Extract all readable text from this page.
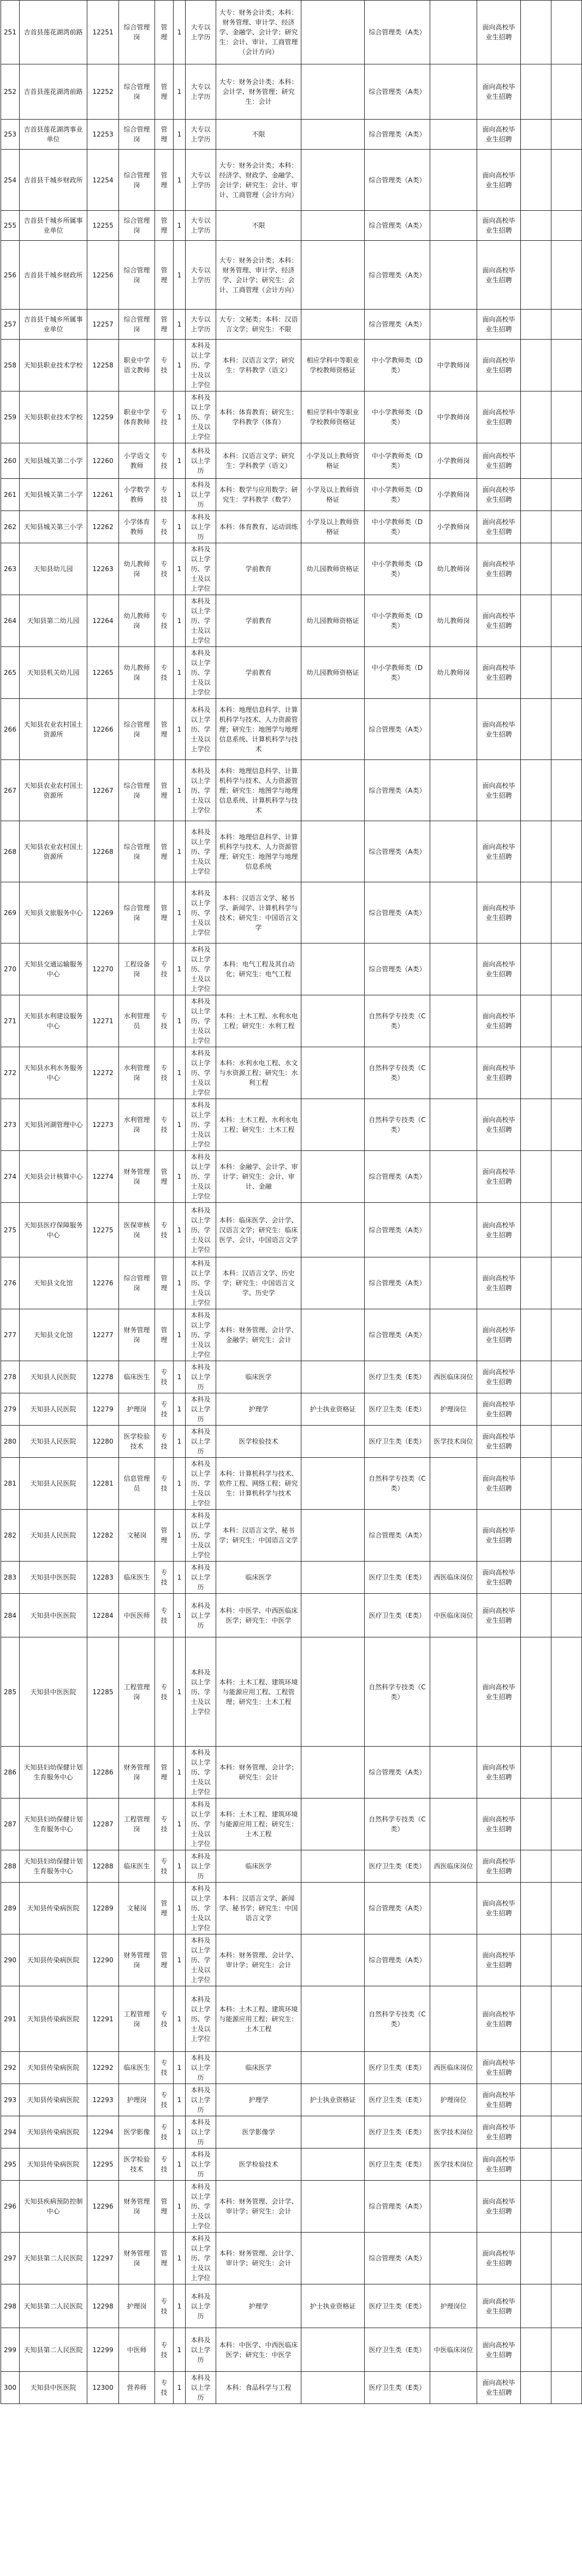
251	吉首县莲花湖湾前路	12251	综合管理岗	管理	1	大专以上学历	大专：财务会计类；本科：财务管理、审计学、经济学、金融学、会计学；研究生：会计、审计、工商管理（会计方向）		综合管理类（A类）		面向高校毕业生招聘		
252	吉首县莲花湖湾前路	12252	综合管理岗	管理	1	大专以上学历	大专：财务会计类；本科：会计学、财务管理；研究生：会计		综合管理类（A类）		面向高校毕业生招聘		
253	吉首县莲花湖湾事业单位	12253	综合管理岗	管理	1	大专以上学历	不限		综合管理类（A类）		面向高校毕业生招聘		
254	吉首县千城乡财政所	12254	综合管理岗	管理	1	大专以上学历	大专：财务会计类；本科：经济学、财政学、金融学、会计学；研究生：会计、审计、工商管理（会计方向）		综合管理类（A类）		面向高校毕业生招聘		
255	吉首县千城乡所属事业单位	12255	综合管理岗	管理	1	大专以上学历	不限		综合管理类（A类）		面向高校毕业生招聘		
256	吉首县千城乡财政所	12256	综合管理岗	管理	1	大专以上学历	大专：财务会计类；本科：财务管理、审计学、经济学、会计学；研究生：会计、工商管理（会计方向）		综合管理类（A类）		面向高校毕业生招聘		
257	吉首县千城乡所属事业单位	12257	综合管理岗	管理	1	大专以上学历	大专：文秘类；本科：汉语言文学；研究生：不限		综合管理类（A类）		面向高校毕业生招聘		
258	天知县职业技术学校	12258	职业中学语文教师	专技	1	本科及以上学历、学士及以上学位	本科：汉语言文学；研究生：学科教学（语文）	相应学科中等职业学校教师资格证	中小学教师类（D类）	中学教师岗	面向高校毕业生招聘		
259	天知县职业技术学校	12259	职业中学体育教师	专技	1	本科及以上学历、学士及以上学位	本科：体育教育；研究生：学科教学（体育）	相应学科中等职业学校教师资格证	中小学教师类（D类）	中学教师岗	面向高校毕业生招聘		
260	天知县城关第二小学	12260	小学语文教师	专技	1	本科及以上学历	本科：汉语言文学；研究生：学科教学（语文）	小学及以上教师资格证	中小学教师类（D类）	小学教师岗	面向高校毕业生招聘		
261	天知县城关第二小学	12261	小学数学教师	专技	1	本科及以上学历	本科：数学与应用数学；研究生：学科教学（数学）	小学及以上教师资格证	中小学教师类（D类）	小学教师岗	面向高校毕业生招聘		
262	天知县城关第三小学	12262	小学体育教师	专技	1	本科及以上学历	本科：体育教育、运动训练	小学及以上教师资格证	中小学教师类（D类）	小学教师岗	面向高校毕业生招聘		
263	天知县幼儿园	12263	幼儿教师岗	专技	1	本科及以上学历、学士及以上学位	学前教育	幼儿园教师资格证	中小学教师类（D类）	幼儿教师岗	面向高校毕业生招聘		
264	天知县第二幼儿园	12264	幼儿教师岗	专技	1	本科及以上学历、学士及以上学位	学前教育	幼儿园教师资格证	中小学教师类（D类）	幼儿教师岗	面向高校毕业生招聘		
265	天知县机关幼儿园	12265	幼儿教师岗	专技	1	本科及以上学历、学士及以上学位	学前教育	幼儿园教师资格证	中小学教师类（D类）	幼儿教师岗	面向高校毕业生招聘		
266	天知县农业农村国土资源所	12266	综合管理岗	管理	1	本科及以上学历、学士及以上学位	本科：地理信息科学、计算机科学与技术、人力资源管理；研究生：地图学与地理信息系统、计算机科学与技术		综合管理类（A类）		面向高校毕业生招聘		
267	天知县农业农村国土资源所	12267	综合管理岗	管理	1	本科及以上学历、学士及以上学位	本科：地理信息科学、计算机科学与技术、人力资源管理；研究生：地图学与地理信息系统、计算机科学与技术		综合管理类（A类）		面向高校毕业生招聘		
268	天知县农业农村国土资源所	12268	综合管理岗	管理	1	本科及以上学历、学士及以上学位	本科：地理信息科学、计算机科学与技术、人力资源管理；研究生：地图学与地理信息系统		综合管理类（A类）		面向高校毕业生招聘		
269	天知县文旅服务中心	12269	综合管理岗	管理	1	本科及以上学历、学士及以上学位	本科：汉语言文学、秘书学、新闻学、计算机科学与技术；研究生：中国语言文学		综合管理类（A类）		面向高校毕业生招聘		
270	天知县交通运输服务中心	12270	工程设备岗	专技	1	本科及以上学历、学士及以上学位	本科：电气工程及其自动化；研究生：电气工程		综合管理类（A类）		面向高校毕业生招聘		
271	天知县水利建设服务中心	12271	水利管理员	专技	1	本科及以上学历、学士及以上学位	本科：土木工程、水利水电工程；研究生：水利工程		自然科学专技类（C类）		面向高校毕业生招聘		
272	天知县水利水务服务中心	12272	水利管理岗	专技	1	本科及以上学历、学士及以上学位	本科：水利水电工程、水文与水资源工程；研究生：水利工程		自然科学专技类（C类）		面向高校毕业生招聘		
273	天知县河湖管理中心	12273	水利管理岗	专技	1	本科及以上学历、学士及以上学位	本科：土木工程、水利水电工程；研究生：土木工程		自然科学专技类（C类）		面向高校毕业生招聘		
274	天知县会计核算中心	12274	财务管理岗	管理	1	本科及以上学历、学士及以上学位	本科：金融学、会计学、审计学；研究生：会计、审计、金融		综合管理类（A类）		面向高校毕业生招聘		
275	天知县医疗保障服务中心	12275	医保审核岗	专技	1	本科及以上学历、学士及以上学位	本科：临床医学、会计学、汉语言文学；研究生：临床医学、会计、中国语言文学		综合管理类（A类）		面向高校毕业生招聘		
276	天知县文化馆	12276	综合管理岗	管理	1	本科及以上学历、学士及以上学位	本科：汉语言文学、历史学；研究生：中国语言文学、历史学		综合管理类（A类）		面向高校毕业生招聘		
277	天知县文化馆	12277	财务管理岗	管理	1	本科及以上学历、学士及以上学位	本科：财务管理、会计学、金融学；研究生：会计		综合管理类（A类）		面向高校毕业生招聘		
278	天知县人民医院	12278	临床医生	专技	1	本科及以上学历	临床医学		医疗卫生类（E类）	西医临床岗位	面向高校毕业生招聘		
279	天知县人民医院	12279	护理岗	专技	1	本科及以上学历	护理学	护士执业资格证	医疗卫生类（E类）	护理岗位	面向高校毕业生招聘		
280	天知县人民医院	12280	医学检验技术	专技	1	本科及以上学历	医学检验技术		医疗卫生类（E类）	医学技术岗位	面向高校毕业生招聘		
281	天知县人民医院	12281	信息管理员	专技	1	本科及以上学历、学士及以上学位	本科：计算机科学与技术、软件工程、网络工程；研究生：计算机科学与技术		自然科学专技类（C类）		面向高校毕业生招聘		
282	天知县人民医院	12282	文秘岗	管理	1	本科及以上学历、学士及以上学位	本科：汉语言文学、秘书学；研究生：中国语言文学		综合管理类（A类）		面向高校毕业生招聘		
283	天知县中医医院	12283	临床医生	专技	1	本科及以上学历	临床医学		医疗卫生类（E类）	西医临床岗位	面向高校毕业生招聘		
284	天知县中医医院	12284	中医医师	专技	1	本科及以上学历	本科：中医学、中西医临床医学；研究生：中医学		医疗卫生类（E类）	中医临床岗位	面向高校毕业生招聘		
285	天知县中医医院	12285	工程管理岗	专技	1	本科及以上学历、学士及以上学位	本科：土木工程、建筑环境与能源应用工程、工程管理；研究生：土木工程		自然科学专技类（C类）		面向高校毕业生招聘		
286	天知县妇幼保健计划生育服务中心	12286	财务管理岗	管理	1	本科及以上学历、学士及以上学位	本科：财务管理、会计学；研究生：会计		综合管理类（A类）		面向高校毕业生招聘		
287	天知县妇幼保健计划生育服务中心	12287	工程管理岗	专技	1	本科及以上学历、学士及以上学位	本科：土木工程、建筑环境与能源应用工程；研究生：土木工程		自然科学专技类（C类）		面向高校毕业生招聘		
288	天知县妇幼保健计划生育服务中心	12288	临床医生	专技	1	本科及以上学历	临床医学		医疗卫生类（E类）	西医临床岗位	面向高校毕业生招聘		
289	天知县传染病医院	12289	文秘岗	管理	1	本科及以上学历、学士及以上学位	本科：汉语言文学、新闻学、秘书学；研究生：中国语言文学		综合管理类（A类）		面向高校毕业生招聘		
290	天知县传染病医院	12290	财务管理岗	管理	1	本科及以上学历、学士及以上学位	本科：财务管理、会计学、审计学；研究生：会计		综合管理类（A类）		面向高校毕业生招聘		
291	天知县传染病医院	12291	工程管理岗	专技	1	本科及以上学历、学士及以上学位	本科：土木工程、建筑环境与能源应用工程；研究生：土木工程		自然科学专技类（C类）		面向高校毕业生招聘		
292	天知县传染病医院	12292	临床医生	专技	1	本科及以上学历	临床医学		医疗卫生类（E类）	西医临床岗位	面向高校毕业生招聘		
293	天知县传染病医院	12293	护理岗	专技	1	本科及以上学历	护理学	护士执业资格证	医疗卫生类（E类）	护理岗位	面向高校毕业生招聘		
294	天知县传染病医院	12294	医学影像	专技	1	本科及以上学历	医学影像学		医疗卫生类（E类）	医学技术岗位	面向高校毕业生招聘		
295	天知县传染病医院	12295	医学检验技术	专技	1	本科及以上学历	医学检验技术		医疗卫生类（E类）	医学技术岗位	面向高校毕业生招聘		
296	天知县疾病预防控制中心	12296	财务管理岗	管理	1	本科及以上学历、学士及以上学位	本科：财务管理、会计学、审计学；研究生：会计		综合管理类（A类）		面向高校毕业生招聘		
297	天知县第二人民医院	12297	财务管理岗	管理	1	本科及以上学历、学士及以上学位	本科：财务管理、会计学、审计学；研究生：会计		综合管理类（A类）		面向高校毕业生招聘		
298	天知县第二人民医院	12298	护理岗	专技	1	本科及以上学历	护理学	护士执业资格证	医疗卫生类（E类）	护理岗位	面向高校毕业生招聘		
299	天知县第二人民医院	12299	中医师	专技	1	本科及以上学历	本科：中医学、中西医临床医学；研究生：中医学		医疗卫生类（E类）	中医临床岗位	面向高校毕业生招聘		
300	天知县中医医院	12300	营养师	专技	1	本科及以上学历	本科：食品科学与工程		医疗卫生类（E类）		面向高校毕业生招聘		
